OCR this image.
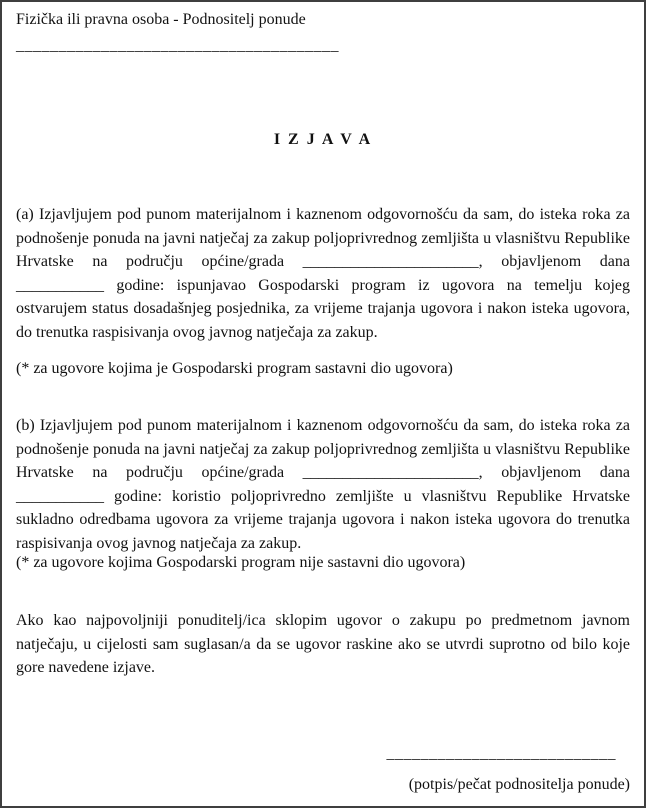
Fizička ili pravna osoba - Podnositelj ponude
______________________________________
I Z J A V A
(a) Izjavljujem pod punom materijalnom i kaznenom odgovornošću da sam, do isteka roka za podnošenje ponuda na javni natječaj za zakup poljoprivrednog zemljišta u vlasništvu Republike Hrvatske na području općine/grada ______________________, objavljenom dana ___________ godine: ispunjavao Gospodarski program iz ugovora na temelju kojeg ostvarujem status dosadašnjeg posjednika, za vrijeme trajanja ugovora i nakon isteka ugovora, do trenutka raspisivanja ovog javnog natječaja za zakup.
(* za ugovore kojima je Gospodarski program sastavni dio ugovora)
(b) Izjavljujem pod punom materijalnom i kaznenom odgovornošću da sam, do isteka roka za podnošenje ponuda na javni natječaj za zakup poljoprivrednog zemljišta u vlasništvu Republike Hrvatske na području općine/grada ______________________, objavljenom dana ___________ godine: koristio poljoprivredno zemljište u vlasništvu Republike Hrvatske sukladno odredbama ugovora za vrijeme trajanja ugovora i nakon isteka ugovora do trenutka raspisivanja ovog javnog natječaja za zakup.
(* za ugovore kojima Gospodarski program nije sastavni dio ugovora)
Ako kao najpovoljniji ponuditelj/ica sklopim ugovor o zakupu po predmetnom javnom natječaju, u cijelosti sam suglasan/a da se ugovor raskine ako se utvrdi suprotno od bilo koje gore navedene izjave.
___________________________
(potpis/pečat podnositelja ponude)
